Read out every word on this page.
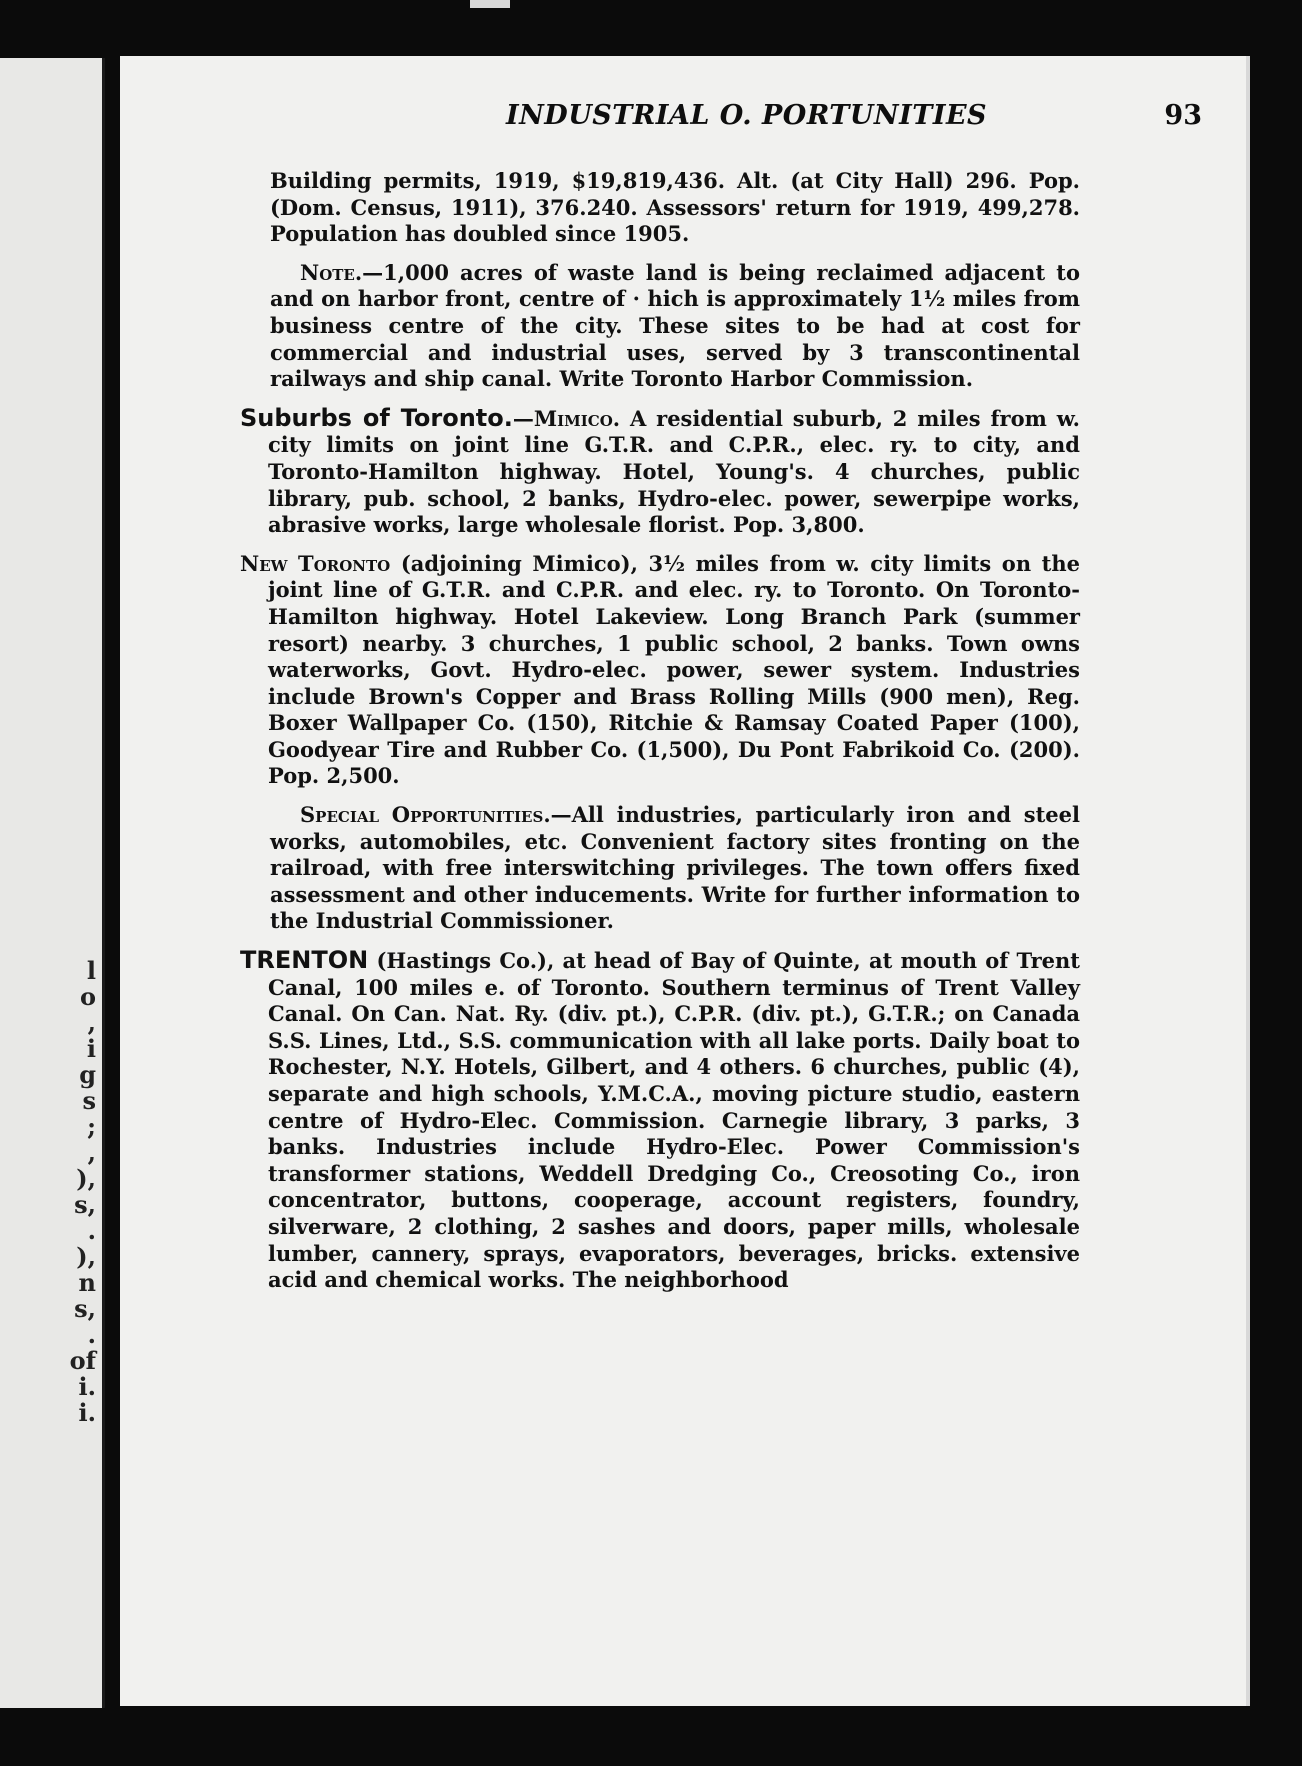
l
o
,
i
g
s
;
,
),
s,
.
),
n
s,
.
of
i.
i.
INDUSTRIAL O. PORTUNITIES	93

Building permits, 1919, $19,819,436. Alt. (at City Hall) 296. Pop. (Dom. Census, 1911), 376.240. Assessors' return for 1919, 499,278. Population has doubled since 1905.

Note.—1,000 acres of waste land is being reclaimed adjacent to and on harbor front, centre of · hich is approximately 1½ miles from business centre of the city. These sites to be had at cost for commercial and industrial uses, served by 3 transcontinental railways and ship canal. Write Toronto Harbor Commission.

Suburbs of Toronto.—Mimico. A residential suburb, 2 miles from w. city limits on joint line G.T.R. and C.P.R., elec. ry. to city, and Toronto-Hamilton highway. Hotel, Young's. 4 churches, public library, pub. school, 2 banks, Hydro-elec. power, sewerpipe works, abrasive works, large wholesale florist. Pop. 3,800.

New Toronto (adjoining Mimico), 3½ miles from w. city limits on the joint line of G.T.R. and C.P.R. and elec. ry. to Toronto. On Toronto-Hamilton highway. Hotel Lakeview. Long Branch Park (summer resort) nearby. 3 churches, 1 public school, 2 banks. Town owns waterworks, Govt. Hydro-elec. power, sewer system. Industries include Brown's Copper and Brass Rolling Mills (900 men), Reg. Boxer Wallpaper Co. (150), Ritchie & Ramsay Coated Paper (100), Goodyear Tire and Rubber Co. (1,500), Du Pont Fabrikoid Co. (200). Pop. 2,500.

Special Opportunities.—All industries, particularly iron and steel works, automobiles, etc. Convenient factory sites fronting on the railroad, with free interswitching privileges. The town offers fixed assessment and other inducements. Write for further information to the Industrial Commissioner.

TRENTON (Hastings Co.), at head of Bay of Quinte, at mouth of Trent Canal, 100 miles e. of Toronto. Southern terminus of Trent Valley Canal. On Can. Nat. Ry. (div. pt.), C.P.R. (div. pt.), G.T.R.; on Canada S.S. Lines, Ltd., S.S. communication with all lake ports. Daily boat to Rochester, N.Y. Hotels, Gilbert, and 4 others. 6 churches, public (4), separate and high schools, Y.M.C.A., moving picture studio, eastern centre of Hydro-Elec. Commission. Carnegie library, 3 parks, 3 banks. Industries include Hydro-Elec. Power Commission's transformer stations, Weddell Dredging Co., Creosoting Co., iron concentrator, buttons, cooperage, account registers, foundry, silverware, 2 clothing, 2 sashes and doors, paper mills, wholesale lumber, cannery, sprays, evaporators, beverages, bricks. extensive acid and chemical works. The neighborhood
